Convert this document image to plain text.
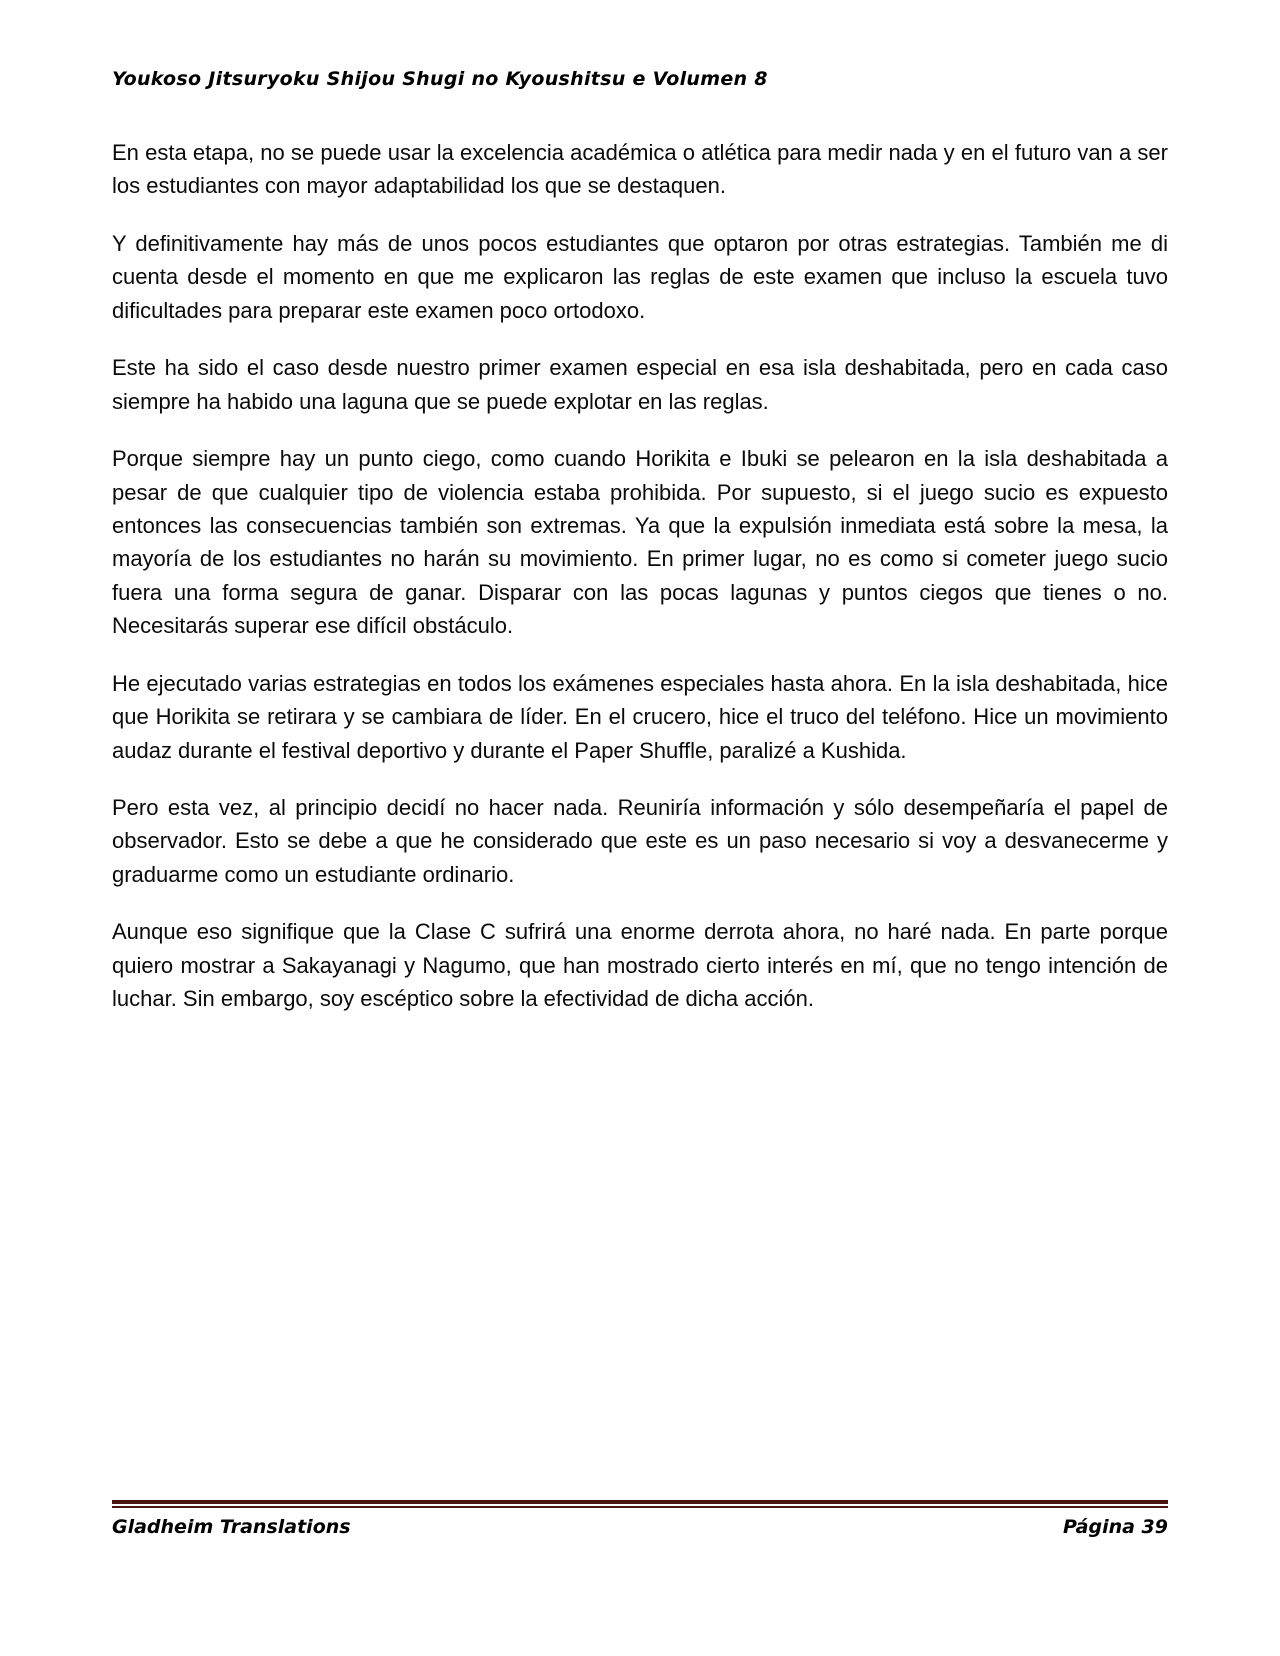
Youkoso Jitsuryoku Shijou Shugi no Kyoushitsu e Volumen 8

En esta etapa, no se puede usar la excelencia académica o atlética para medir nada y en el futuro van a ser los estudiantes con mayor adaptabilidad los que se destaquen.

Y definitivamente hay más de unos pocos estudiantes que optaron por otras estrategias. También me di cuenta desde el momento en que me explicaron las reglas de este examen que incluso la escuela tuvo dificultades para preparar este examen poco ortodoxo.

Este ha sido el caso desde nuestro primer examen especial en esa isla deshabitada, pero en cada caso siempre ha habido una laguna que se puede explotar en las reglas.

Porque siempre hay un punto ciego, como cuando Horikita e Ibuki se pelearon en la isla deshabitada a pesar de que cualquier tipo de violencia estaba prohibida. Por supuesto, si el juego sucio es expuesto entonces las consecuencias también son extremas. Ya que la expulsión inmediata está sobre la mesa, la mayoría de los estudiantes no harán su movimiento. En primer lugar, no es como si cometer juego sucio fuera una forma segura de ganar. Disparar con las pocas lagunas y puntos ciegos que tienes o no. Necesitarás superar ese difícil obstáculo.

He ejecutado varias estrategias en todos los exámenes especiales hasta ahora. En la isla deshabitada, hice que Horikita se retirara y se cambiara de líder. En el crucero, hice el truco del teléfono. Hice un movimiento audaz durante el festival deportivo y durante el Paper Shuffle, paralizé a Kushida.

Pero esta vez, al principio decidí no hacer nada. Reuniría información y sólo desempeñaría el papel de observador. Esto se debe a que he considerado que este es un paso necesario si voy a desvanecerme y graduarme como un estudiante ordinario.

Aunque eso signifique que la Clase C sufrirá una enorme derrota ahora, no haré nada. En parte porque quiero mostrar a Sakayanagi y Nagumo, que han mostrado cierto interés en mí, que no tengo intención de luchar. Sin embargo, soy escéptico sobre la efectividad de dicha acción.

Gladheim Translations	Página 39
